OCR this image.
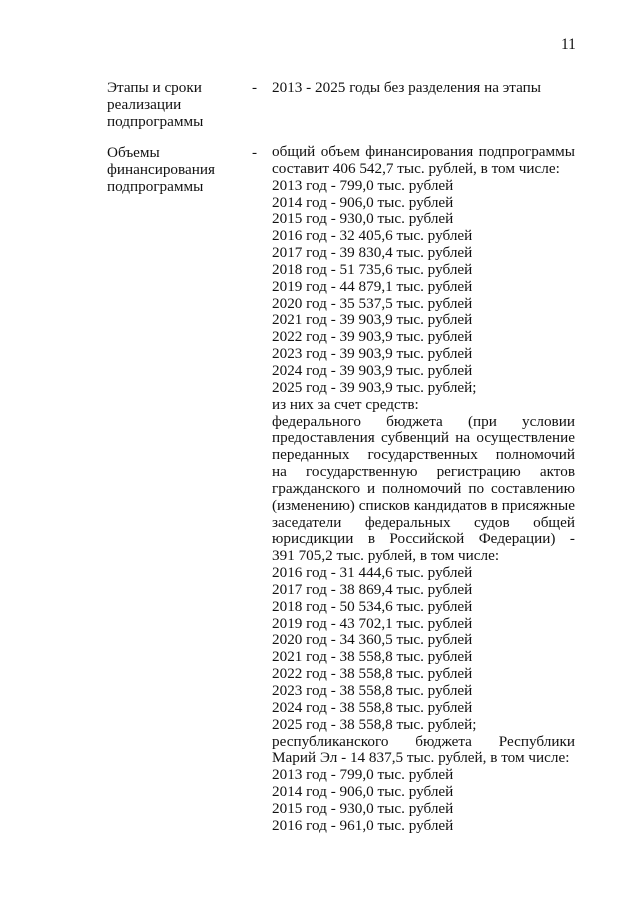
11
Этапы и сроки
реализации
подпрограммы
- 2013 - 2025 годы без разделения на этапы
Объемы
финансирования
подпрограммы
- общий объем финансирования подпрограммы
составит 406 542,7 тыс. рублей, в том числе:
2013 год - 799,0 тыс. рублей
2014 год - 906,0 тыс. рублей
2015 год - 930,0 тыс. рублей
2016 год - 32 405,6 тыс. рублей
2017 год - 39 830,4 тыс. рублей
2018 год - 51 735,6 тыс. рублей
2019 год - 44 879,1 тыс. рублей
2020 год - 35 537,5 тыс. рублей
2021 год - 39 903,9 тыс. рублей
2022 год - 39 903,9 тыс. рублей
2023 год - 39 903,9 тыс. рублей
2024 год - 39 903,9 тыс. рублей
2025 год - 39 903,9 тыс. рублей;
из них за счет средств:
федерального бюджета (при условии
предоставления субвенций на осуществление
переданных государственных полномочий
на государственную регистрацию актов
гражданского и полномочий по составлению
(изменению) списков кандидатов в присяжные
заседатели федеральных судов общей
юрисдикции в Российской Федерации) -
391 705,2 тыс. рублей, в том числе:
2016 год - 31 444,6 тыс. рублей
2017 год - 38 869,4 тыс. рублей
2018 год - 50 534,6 тыс. рублей
2019 год - 43 702,1 тыс. рублей
2020 год - 34 360,5 тыс. рублей
2021 год - 38 558,8 тыс. рублей
2022 год - 38 558,8 тыс. рублей
2023 год - 38 558,8 тыс. рублей
2024 год - 38 558,8 тыс. рублей
2025 год - 38 558,8 тыс. рублей;
республиканского бюджета Республики
Марий Эл - 14 837,5 тыс. рублей, в том числе:
2013 год - 799,0 тыс. рублей
2014 год - 906,0 тыс. рублей
2015 год - 930,0 тыс. рублей
2016 год - 961,0 тыс. рублей
